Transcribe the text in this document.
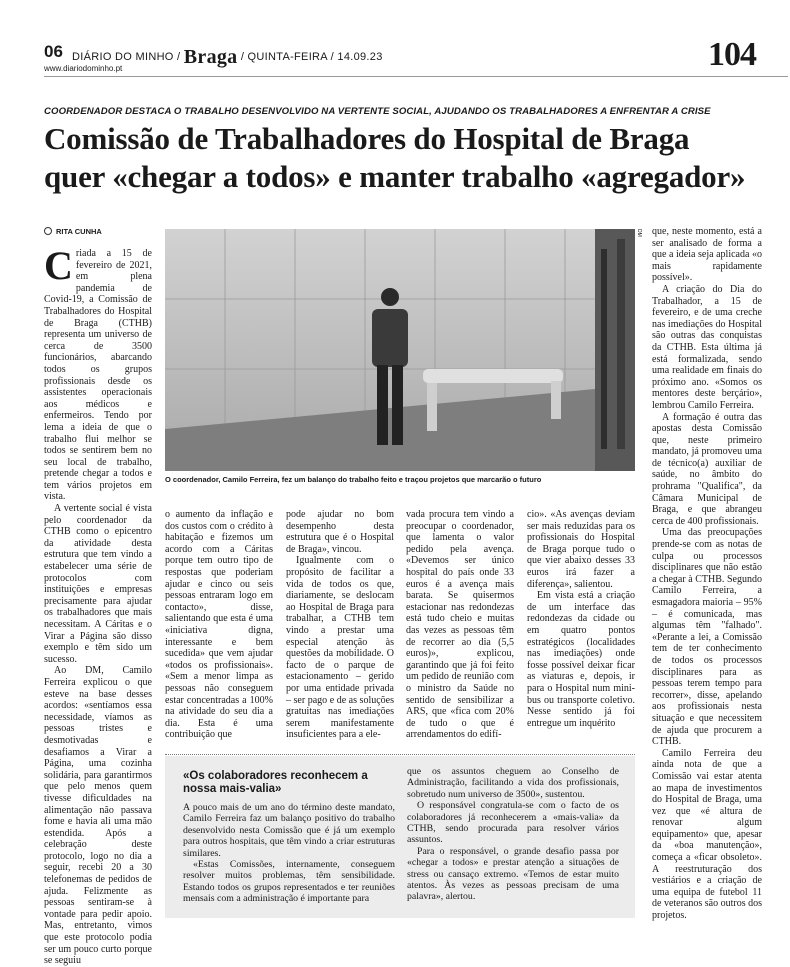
06 DIÁRIO DO MINHO / Braga / QUINTA-FEIRA / 14.09.23
www.diariodominho.pt	104
COORDENADOR DESTACA O TRABALHO DESENVOLVIDO NA VERTENTE SOCIAL, AJUDANDO OS TRABALHADORES A ENFRENTAR A CRISE
Comissão de Trabalhadores do Hospital de Braga
quer «chegar a todos» e manter trabalho «agregador»
RITA CUNHA

Criada a 15 de fevereiro de 2021, em plena pandemia de Covid-19, a Comissão de Trabalhadores do Hospital de Braga (CTHB) representa um universo de cerca de 3500 funcionários, abarcando todos os grupos profissionais desde os assistentes operacionais aos médicos e enfermeiros. Tendo por lema a ideia de que o trabalho flui melhor se todos se sentirem bem no seu local de trabalho, pretende chegar a todos e tem vários projetos em vista.

A vertente social é vista pelo coordenador da CTHB como o epicentro da atividade desta estrutura que tem vindo a estabelecer uma série de protocolos com instituições e empresas precisamente para ajudar os trabalhadores que mais necessitam. A Cáritas e o Virar a Página são disso exemplo e têm sido um sucesso.

Ao DM, Camilo Ferreira explicou o que esteve na base desses acordos: «sentíamos essa necessidade, víamos as pessoas tristes e desmotivadas e desafiamos a Virar a Página, uma cozinha solidária, para garantirmos que pelo menos quem tivesse dificuldades na alimentação não passava fome e havia ali uma mão estendida. Após a celebração deste protocolo, logo no dia a seguir, recebi 20 a 30 telefonemas de pedidos de ajuda. Felizmente as pessoas sentiram-se à vontade para pedir apoio. Mas, entretanto, vimos que este protocolo podia ser um pouco curto porque se seguiu

DM
O coordenador, Camilo Ferreira, fez um balanço do trabalho feito e traçou projetos que marcarão o futuro

o aumento da inflação e dos custos com o crédito à habitação e fizemos um acordo com a Cáritas porque tem outro tipo de respostas que poderiam ajudar e cinco ou seis pessoas entraram logo em contacto», disse, salientando que esta é uma «iniciativa digna, interessante e bem sucedida» que vem ajudar «todos os profissionais». «Sem a menor limpa as pessoas não conseguem estar concentradas a 100% na atividade do seu dia a dia. Esta é uma contribuição que

pode ajudar no bom desempenho desta estrutura que é o Hospital de Braga», vincou.

Igualmente com o propósito de facilitar a vida de todos os que, diariamente, se deslocam ao Hospital de Braga para trabalhar, a CTHB tem vindo a prestar uma especial atenção às questões da mobilidade. O facto de o parque de estacionamento – gerido por uma entidade privada – ser pago e de as soluções gratuitas nas imediações serem manifestamente insuficientes para a ele-

vada procura tem vindo a preocupar o coordenador, que lamenta o valor pedido pela avença. «Devemos ser único hospital do país onde 33 euros é a avença mais barata. Se quisermos estacionar nas redondezas está tudo cheio e muitas das vezes as pessoas têm de recorrer ao dia (5,5 euros)», explicou, garantindo que já foi feito um pedido de reunião com o ministro da Saúde no sentido de sensibilizar a ARS, que «fica com 20% de tudo o que é arrendamentos do edifí-

cio». «As avenças deviam ser mais reduzidas para os profissionais do Hospital de Braga porque tudo o que vier abaixo desses 33 euros irá fazer a diferença», salientou.

Em vista está a criação de um interface das redondezas da cidade ou em quatro pontos estratégicos (localidades nas imediações) onde fosse possível deixar ficar as viaturas e, depois, ir para o Hospital num mini-bus ou transporte coletivo. Nesse sentido já foi entregue um inquérito

que, neste momento, está a ser analisado de forma a que a ideia seja aplicada «o mais rapidamente possível».

A criação do Dia do Trabalhador, a 15 de fevereiro, e de uma creche nas imediações do Hospital são outras das conquistas da CTHB. Esta última já está formalizada, sendo uma realidade em finais do próximo ano. «Somos os mentores deste berçário», lembrou Camilo Ferreira.

A formação é outra das apostas desta Comissão que, neste primeiro mandato, já promoveu uma de técnico(a) auxiliar de saúde, no âmbito do prohrama "Qualifica", da Câmara Municipal de Braga, e que abrangeu cerca de 400 profissionais.

Uma das preocupações prende-se com as notas de culpa ou processos disciplinares que não estão a chegar à CTHB. Segundo Camilo Ferreira, a esmagadora maioria – 95% – é comunicada, mas algumas têm "falhado". «Perante a lei, a Comissão tem de ter conhecimento de todos os processos disciplinares para as pessoas terem tempo para recorrer», disse, apelando aos profissionais nesta situação e que necessitem de ajuda que procurem a CTHB.

Camilo Ferreira deu ainda nota de que a Comissão vai estar atenta ao mapa de investimentos do Hospital de Braga, uma vez que «é altura de renovar algum equipamento» que, apesar da «boa manutenção», começa a «ficar obsoleto». A reestruturação dos vestiários e a criação de uma equipa de futebol 11 de veteranos são outros dos projetos.

«Os colaboradores reconhecem a nossa mais-valia»

A pouco mais de um ano do término deste mandato, Camilo Ferreira faz um balanço positivo do trabalho desenvolvido nesta Comissão que é já um exemplo para outros hospitais, que têm vindo a criar estruturas similares.

«Estas Comissões, internamente, conseguem resolver muitos problemas, têm sensibilidade. Estando todos os grupos representados e ter reuniões mensais com a administração é importante para

que os assuntos cheguem ao Conselho de Administração, facilitando a vida dos profissionais, sobretudo num universo de 3500», sustentou.

O responsável congratula-se com o facto de os colaboradores já reconhecerem a «mais-valia» da CTHB, sendo procurada para resolver vários assuntos.

Para o responsável, o grande desafio passa por «chegar a todos» e prestar atenção a situações de stress ou cansaço extremo. «Temos de estar muito atentos. Às vezes as pessoas precisam de uma palavra», alertou.
